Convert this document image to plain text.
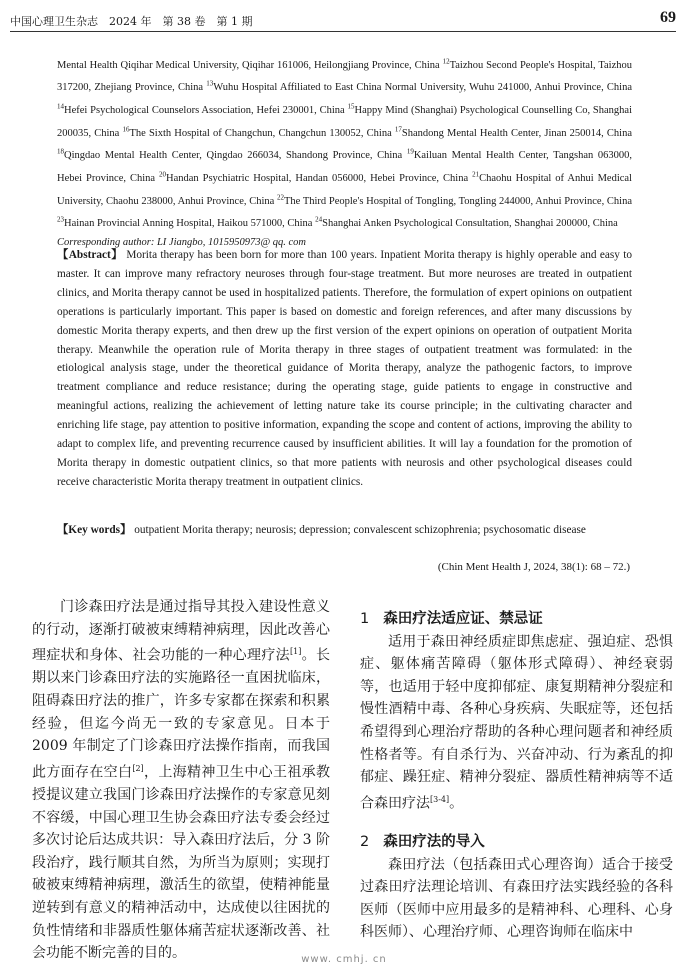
中国心理卫生杂志　2024 年　第 38 卷　第 1 期	69
Mental Health Qiqihar Medical University, Qiqihar 161006, Heilongjiang Province, China $^{12}$Taizhou Second People's Hospital, Taizhou 317200, Zhejiang Province, China $^{13}$Wuhu Hospital Affiliated to East China Normal University, Wuhu 241000, Anhui Province, China $^{14}$Hefei Psychological Counselors Association, Hefei 230001, China $^{15}$Happy Mind (Shanghai) Psychological Counselling Co, Shanghai 200035, China $^{16}$The Sixth Hospital of Changchun, Changchun 130052, China $^{17}$Shandong Mental Health Center, Jinan 250014, China $^{18}$Qingdao Mental Health Center, Qingdao 266034, Shandong Province, China $^{19}$Kailuan Mental Health Center, Tangshan 063000, Hebei Province, China $^{20}$Handan Psychiatric Hospital, Handan 056000, Hebei Province, China $^{21}$Chaohu Hospital of Anhui Medical University, Chaohu 238000, Anhui Province, China $^{22}$The Third People's Hospital of Tongling, Tongling 244000, Anhui Province, China $^{23}$Hainan Provincial Anning Hospital, Haikou 571000, China $^{24}$Shanghai Anken Psychological Consultation, Shanghai 200000, China
Corresponding author: LI Jiangbo, 1015950973@ qq. com
【Abstract】 Morita therapy has been born for more than 100 years. Inpatient Morita therapy is highly operable and easy to master. It can improve many refractory neuroses through four-stage treatment. But more neuroses are treated in outpatient clinics, and Morita therapy cannot be used in hospitalized patients. Therefore, the formulation of expert opinions on outpatient operations is particularly important. This paper is based on domestic and foreign references, and after many discussions by domestic Morita therapy experts, and then drew up the first version of the expert opinions on operation of outpatient Morita therapy. Meanwhile the operation rule of Morita therapy in three stages of outpatient treatment was formulated: in the etiological analysis stage, under the theoretical guidance of Morita therapy, analyze the pathogenic factors, to improve treatment compliance and reduce resistance; during the operating stage, guide patients to engage in constructive and meaningful actions, realizing the achievement of letting nature take its course principle; in the cultivating character and enriching life stage, pay attention to positive information, expanding the scope and content of actions, improving the ability to adapt to complex life, and preventing recurrence caused by insufficient abilities. It will lay a foundation for the promotion of Morita therapy in domestic outpatient clinics, so that more patients with neurosis and other psychological diseases could receive characteristic Morita therapy treatment in outpatient clinics.
【Key words】 outpatient Morita therapy; neurosis; depression; convalescent schizophrenia; psychosomatic disease
(Chin Ment Health J, 2024, 38(1): 68 – 72.)

门诊森田疗法是通过指导其投入建设性意义的行动，逐渐打破被束缚精神病理，因此改善心理症状和身体、社会功能的一种心理疗法[1]。长期以来门诊森田疗法的实施路径一直困扰临床，阻碍森田疗法的推广，许多专家都在探索和积累经验，但迄今尚无一致的专家意见。日本于 2009 年制定了门诊森田疗法操作指南，而我国此方面存在空白[2]，上海精神卫生中心王祖承教授提议建立我国门诊森田疗法操作的专家意见刻不容缓，中国心理卫生协会森田疗法专委会经过多次讨论后达成共识：导入森田疗法后，分 3 阶段治疗，践行顺其自然，为所当为原则；实现打破被束缚精神病理，激活生的欲望，使精神能量逆转到有意义的精神活动中，达成使以往困扰的负性情绪和非器质性躯体痛苦症状逐渐改善、社会功能不断完善的目的。

1 森田疗法适应证、禁忌证

适用于森田神经质症即焦虑症、强迫症、恐惧症、躯体痛苦障碍（躯体形式障碍）、神经衰弱等，也适用于轻中度抑郁症、康复期精神分裂症和慢性酒精中毒、各种心身疾病、失眠症等，还包括希望得到心理治疗帮助的各种心理问题者和神经质性格者等。有自杀行为、兴奋冲动、行为紊乱的抑郁症、躁狂症、精神分裂症、器质性精神病等不适合森田疗法[3-4]。

2 森田疗法的导入

森田疗法（包括森田式心理咨询）适合于接受过森田疗法理论培训、有森田疗法实践经验的各科医师（医师中应用最多的是精神科、心理科、心身科医师）、心理治疗师、心理咨询师在临床中

www. cmhj. cn
